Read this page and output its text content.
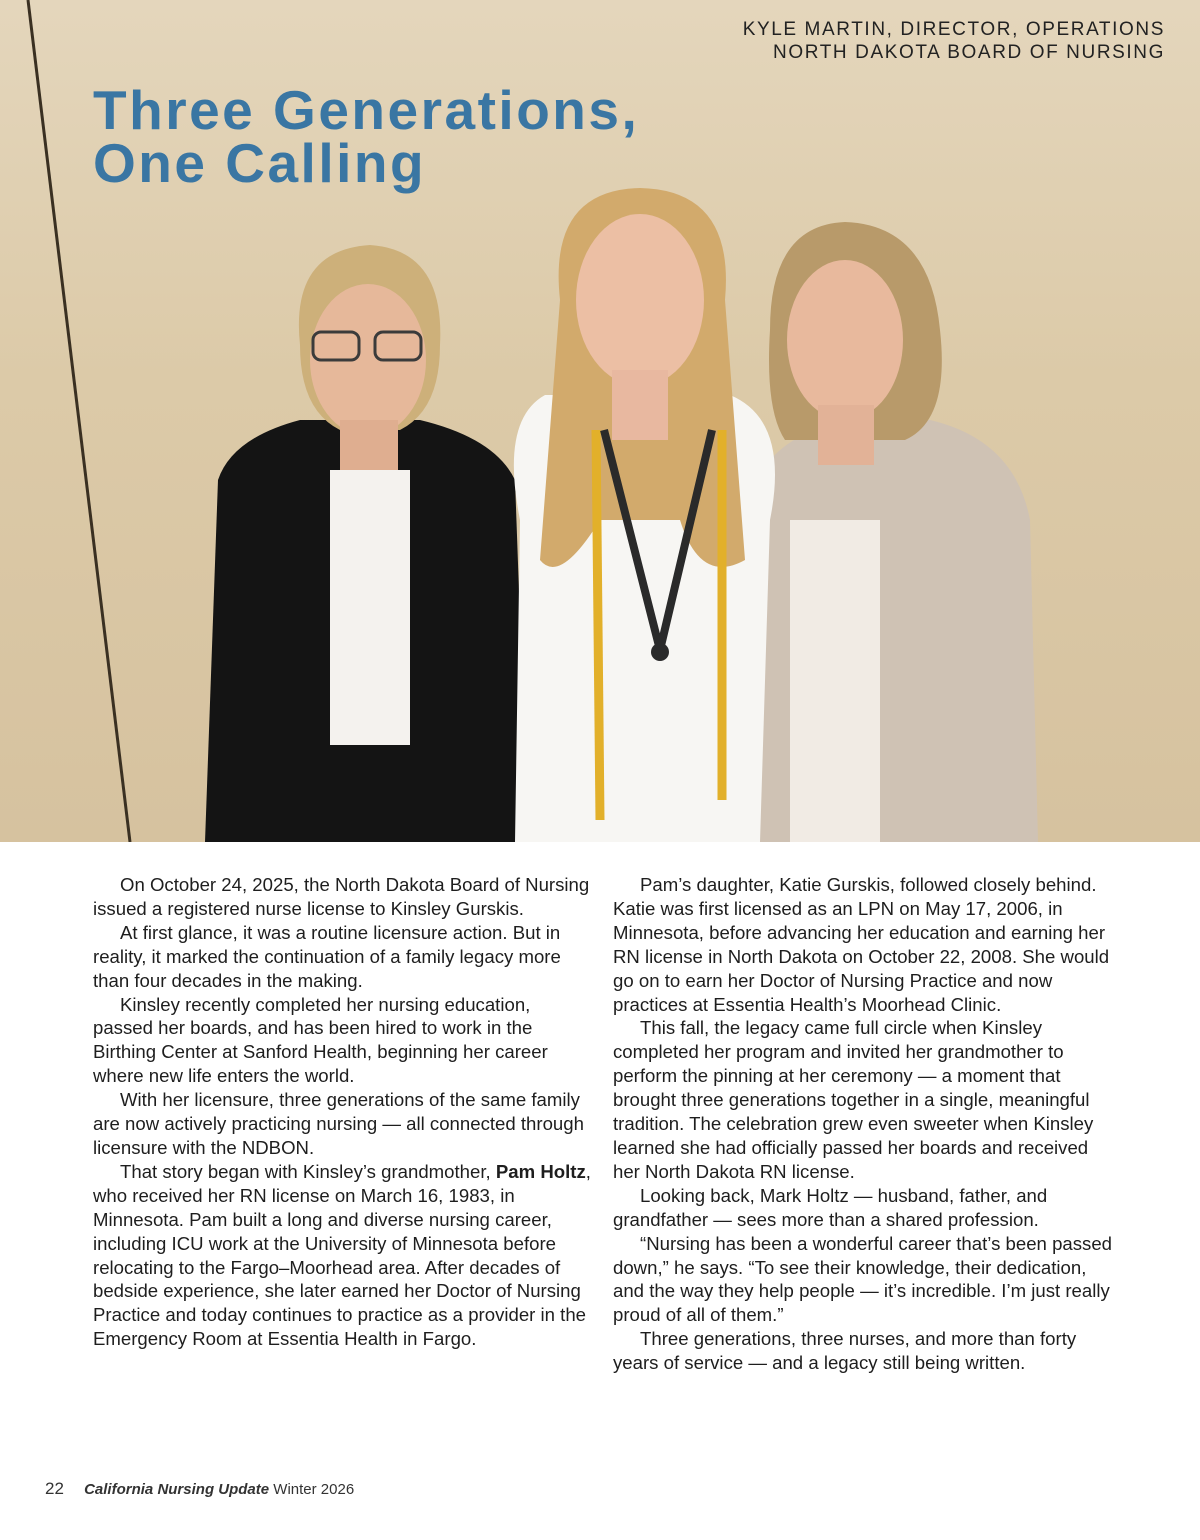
KYLE MARTIN, DIRECTOR, OPERATIONS
NORTH DAKOTA BOARD OF NURSING
Three Generations,
One Calling

On October 24, 2025, the North Dakota Board of Nursing issued a registered nurse license to Kinsley Gurskis.

At first glance, it was a routine licensure action. But in reality, it marked the continuation of a family legacy more than four decades in the making.

Kinsley recently completed her nursing education, passed her boards, and has been hired to work in the Birthing Center at Sanford Health, beginning her career where new life enters the world.

With her licensure, three generations of the same family are now actively practicing nursing — all connected through licensure with the NDBON.

That story began with Kinsley’s grandmother, Pam Holtz, who received her RN license on March 16, 1983, in Minnesota. Pam built a long and diverse nursing career, including ICU work at the University of Minnesota before relocating to the Fargo–Moorhead area. After decades of bedside experience, she later earned her Doctor of Nursing Practice and today continues to practice as a provider in the Emergency Room at Essentia Health in Fargo.

Pam’s daughter, Katie Gurskis, followed closely behind. Katie was first licensed as an LPN on May 17, 2006, in Minnesota, before advancing her education and earning her RN license in North Dakota on October 22, 2008. She would go on to earn her Doctor of Nursing Practice and now practices at Essentia Health’s Moorhead Clinic.

This fall, the legacy came full circle when Kinsley completed her program and invited her grandmother to perform the pinning at her ceremony — a moment that brought three generations together in a single, meaningful tradition. The celebration grew even sweeter when Kinsley learned she had officially passed her boards and received her North Dakota RN license.

Looking back, Mark Holtz — husband, father, and grandfather — sees more than a shared profession.

“Nursing has been a wonderful career that’s been passed down,” he says. “To see their knowledge, their dedication, and the way they help people — it’s incredible. I’m just really proud of all of them.”

Three generations, three nurses, and more than forty years of service — and a legacy still being written.

22 California Nursing Update Winter 2026
